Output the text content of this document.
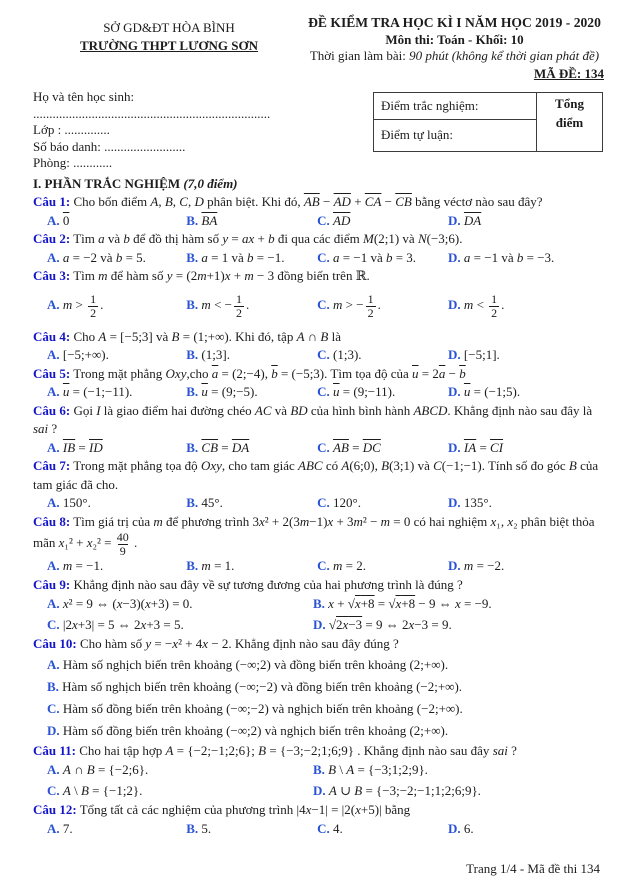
SỞ GD&ĐT HÒA BÌNH
TRƯỜNG THPT LƯƠNG SƠN
ĐỀ KIỂM TRA HỌC KÌ I NĂM HỌC 2019 - 2020
Môn thi: Toán - Khối: 10
Thời gian làm bài: 90 phút (không kể thời gian phát đề)
MÃ ĐỀ: 134
Họ và tên học sinh: .........................................................................
Lớp : ..............
Số báo danh: .........................
Phòng: ............
Điểm trắc nghiệm:	Tổng điểm
Điểm tự luận:
I. PHẦN TRẮC NGHIỆM (7,0 điểm)

Câu 1: Cho bốn điểm A, B, C, D phân biệt. Khi đó, $\overline{AB} - \overline{AD} + \overline{CA} - \overline{CB}$ bằng véctơ nào sau đây?

A. 0	B. $\overline{BA}$	C. $\overline{AD}$	D. $\overline{DA}$

Câu 2: Tìm a và b để đồ thị hàm số y = ax + b đi qua các điểm M(2;1) và N(−3;6).

A. a = −2 và b = 5.	B. a = 1 và b = −1.	C. a = −1 và b = 3.	D. a = −1 và b = −3.

Câu 3: Tìm m để hàm số y = (2m+1)x + m − 3 đồng biến trên ℝ.

A. $m > \frac{1}{2}$ .	B. m < − $\frac{1}{2}$ .	C. m > − $\frac{1}{2}$ .	D. $m < \frac{1}{2}$ .

Câu 4: Cho A = [−5;3] và B = (1;+∞). Khi đó, tập A ∩ B là

A. [−5;+∞).	B. (1;3].	C. (1;3).	D. [−5;1].

Câu 5: Trong mặt phẳng Oxy,cho $\overline{a}$ = (2;−4), $\overline{b}$ = (−5;3). Tìm tọa độ của $\overline{u} = 2\overline{a} - \overline{b}$

A. $\overline{u}$ = (−1;−11).	B. $\overline{u}$ = (9;−5).	C. $\overline{u}$ = (9;−11).	D. $\overline{u}$ = (−1;5).

Câu 6: Gọi I là giao điểm hai đường chéo AC và BD của hình bình hành ABCD. Khẳng định nào sau đây là sai ?

A. $\overline{IB} = \overline{ID}$	B. $\overline{CB} = \overline{DA}$	C. $\overline{AB} = \overline{DC}$	D. $\overline{IA} = \overline{CI}$

Câu 7: Trong mặt phẳng tọa độ Oxy, cho tam giác ABC có A(6;0), B(3;1) và C(−1;−1). Tính số đo góc B của tam giác đã cho.

A. 150°.	B. 45°.	C. 120°.	D. 135°.

Câu 8: Tìm giá trị của m để phương trình 3x² + 2(3m−1)x + 3m² − m = 0 có hai nghiệm x₁, x₂ phân biệt thỏa mãn $x_1^2 + x_2^2 = \frac{40}{9}$ .

A. m = −1.	B. m = 1.	C. m = 2.	D. m = −2.

Câu 9: Khẳng định nào sau đây về sự tương đương của hai phương trình là đúng ?

A. x² = 9 ⇔ (x−3)(x+3) = 0.	B. x + √x+8 = √x+8 − 9 ⇔ x = −9.
C. |2x+3| = 5 ⇔ 2x+3 = 5.	D. √2x−3 = 9 ⇔ 2x−3 = 9.

Câu 10: Cho hàm số y = −x² + 4x − 2. Khẳng định nào sau đây đúng ?

A. Hàm số nghịch biến trên khoảng (−∞;2) và đồng biến trên khoảng (2;+∞).
B. Hàm số nghịch biến trên khoảng (−∞;−2) và đồng biến trên khoảng (−2;+∞).
C. Hàm số đồng biến trên khoảng (−∞;−2) và nghịch biến trên khoảng (−2;+∞).
D. Hàm số đồng biến trên khoảng (−∞;2) và nghịch biến trên khoảng (2;+∞).

Câu 11: Cho hai tập hợp A = {−2;−1;2;6}; B = {−3;−2;1;6;9} . Khẳng định nào sau đây sai ?

A. A ∩ B = {−2;6}.	B. B \ A = {−3;1;2;9}.
C. A \ B = {−1;2}.	D. A ∪ B = {−3;−2;−1;1;2;6;9}.

Câu 12: Tổng tất cả các nghiệm của phương trình |4x−1| = |2(x+5)| bằng

A. 7.	B. 5.	C. 4.	D. 6.
Trang 1/4 - Mã đề thi 134
